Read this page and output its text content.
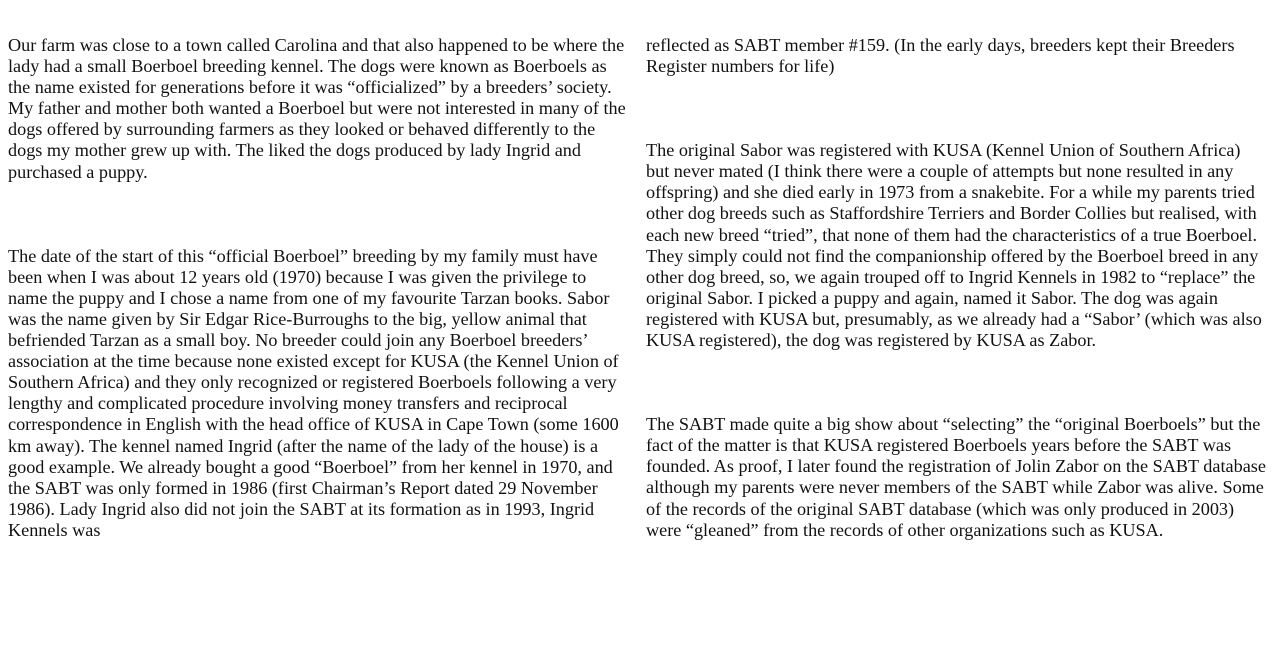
Our farm was close to a town called Carolina and that also happened to be where the lady had a small Boerboel breeding kennel. The dogs were known as Boerboels as the name existed for generations before it was “officialized” by a breeders’ society. My father and mother both wanted a Boerboel but were not interested in many of the dogs offered by surrounding farmers as they looked or behaved differently to the dogs my mother grew up with. The liked the dogs produced by lady Ingrid and purchased a puppy.

The date of the start of this “official Boerboel” breeding by my family must have been when I was about 12 years old (1970) because I was given the privilege to name the puppy and I chose a name from one of my favourite Tarzan books. Sabor was the name given by Sir Edgar Rice-Burroughs to the big, yellow animal that befriended Tarzan as a small boy. No breeder could join any Boerboel breeders’ association at the time because none existed except for KUSA (the Kennel Union of Southern Africa) and they only recognized or registered Boerboels following a very lengthy and complicated procedure involving money transfers and reciprocal correspondence in English with the head office of KUSA in Cape Town (some 1600 km away). The kennel named Ingrid (after the name of the lady of the house) is a good example. We already bought a good “Boerboel” from her kennel in 1970, and the SABT was only formed in 1986 (first Chairman’s Report dated 29 November 1986). Lady Ingrid also did not join the SABT at its formation as in 1993, Ingrid Kennels was

reflected as SABT member #159. (In the early days, breeders kept their Breeders Register numbers for life)

The original Sabor was registered with KUSA (Kennel Union of Southern Africa) but never mated (I think there were a couple of attempts but none resulted in any offspring) and she died early in 1973 from a snakebite. For a while my parents tried other dog breeds such as Staffordshire Terriers and Border Collies but realised, with each new breed “tried”, that none of them had the characteristics of a true Boerboel. They simply could not find the companionship offered by the Boerboel breed in any other dog breed, so, we again trouped off to Ingrid Kennels in 1982 to “replace” the original Sabor. I picked a puppy and again, named it Sabor. The dog was again registered with KUSA but, presumably, as we already had a “Sabor’ (which was also KUSA registered), the dog was registered by KUSA as Zabor.

The SABT made quite a big show about “selecting” the “original Boerboels” but the fact of the matter is that KUSA registered Boerboels years before the SABT was founded. As proof, I later found the registration of Jolin Zabor on the SABT database although my parents were never members of the SABT while Zabor was alive. Some of the records of the original SABT database (which was only produced in 2003) were “gleaned” from the records of other organizations such as KUSA.
